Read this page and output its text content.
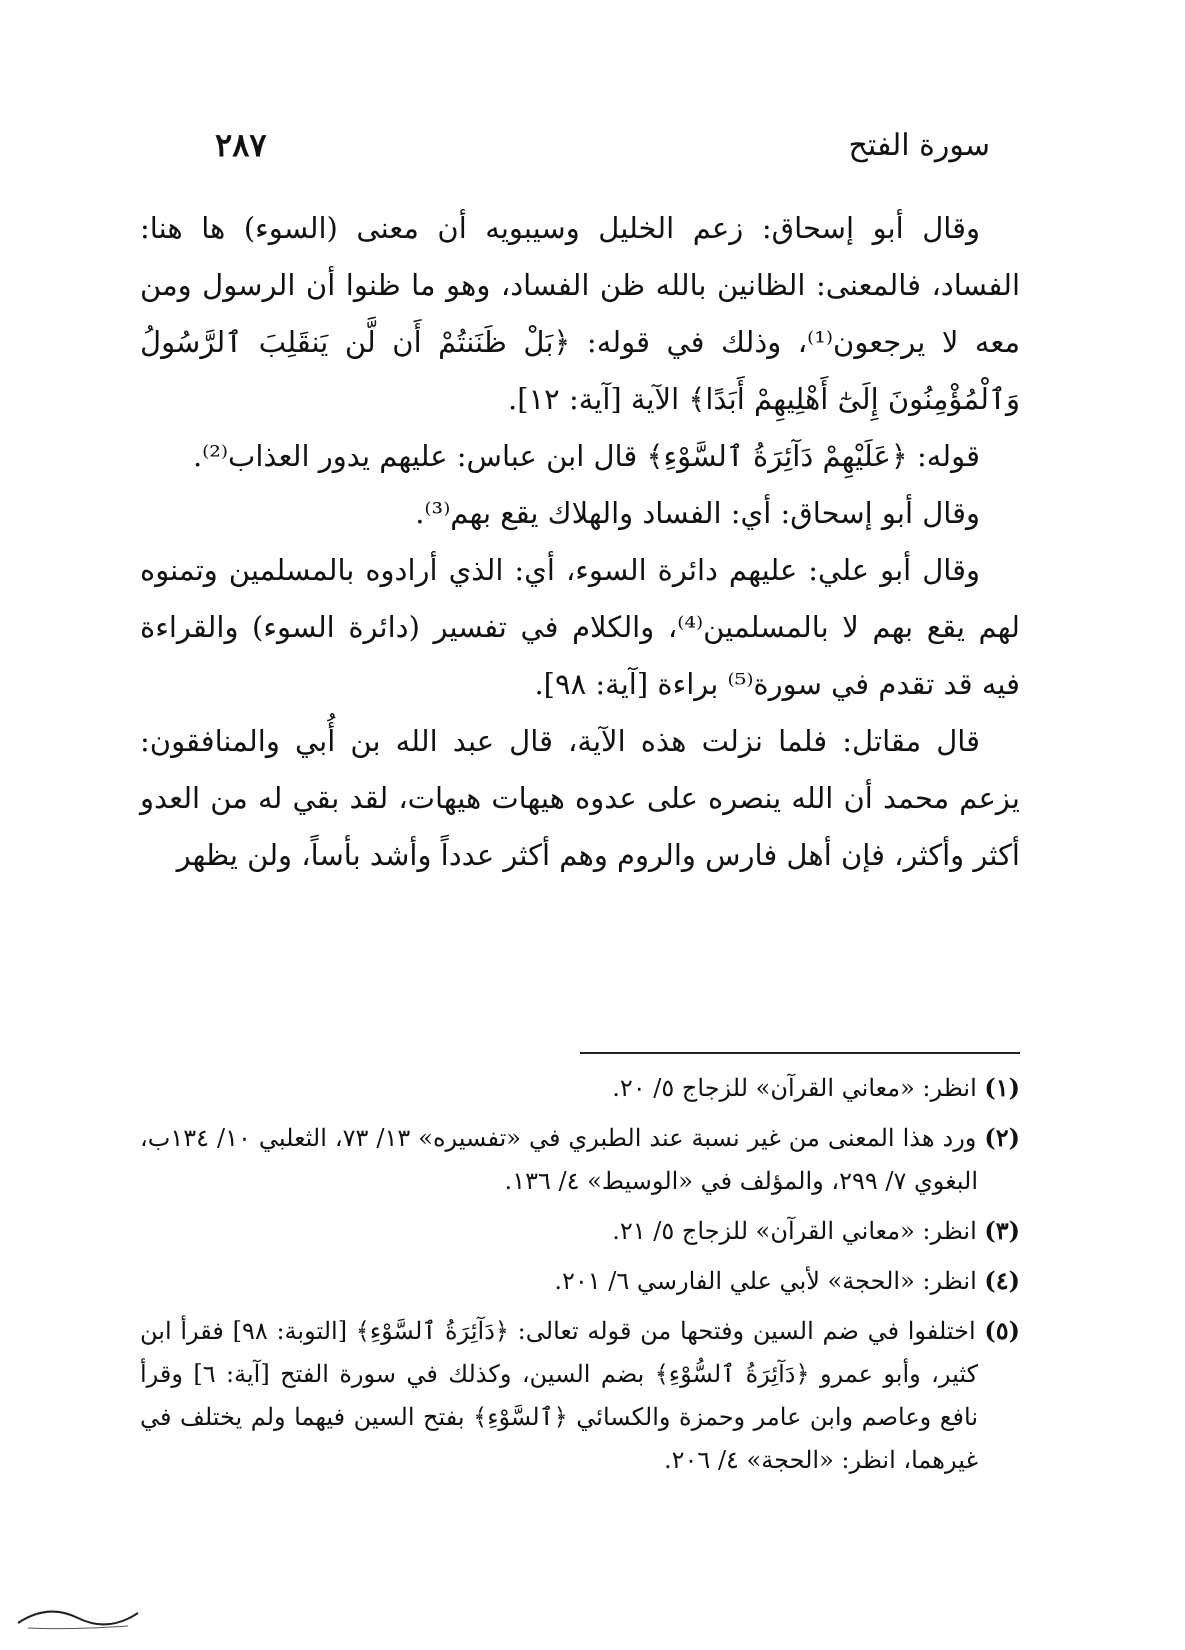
سورة الفتح
٢٨٧

وقال أبو إسحاق: زعم الخليل وسيبويه أن معنى (السوء) ها هنا: الفساد، فالمعنى: الظانين بالله ظن الفساد، وهو ما ظنوا أن الرسول ومن معه لا يرجعون⁽¹⁾، وذلك في قوله: ﴿بَلْ ظَنَنتُمْ أَن لَّن يَنقَلِبَ ٱلرَّسُولُ وَٱلْمُؤْمِنُونَ إِلَىٰٓ أَهْلِيهِمْ أَبَدًا﴾ الآية [آية: ١٢].

قوله: ﴿عَلَيْهِمْ دَآئِرَةُ ٱلسَّوْءِ﴾ قال ابن عباس: عليهم يدور العذاب⁽²⁾.

وقال أبو إسحاق: أي: الفساد والهلاك يقع بهم⁽³⁾.

وقال أبو علي: عليهم دائرة السوء، أي: الذي أرادوه بالمسلمين وتمنوه لهم يقع بهم لا بالمسلمين⁽⁴⁾، والكلام في تفسير (دائرة السوء) والقراءة فيه قد تقدم في سورة⁽⁵⁾ براءة [آية: ٩٨].

قال مقاتل: فلما نزلت هذه الآية، قال عبد الله بن أُبي والمنافقون: يزعم محمد أن الله ينصره على عدوه هيهات هيهات، لقد بقي له من العدو أكثر وأكثر، فإن أهل فارس والروم وهم أكثر عدداً وأشد بأساً، ولن يظهر

(١) انظر: «معاني القرآن» للزجاج ٥/ ٢٠.

(٢) ورد هذا المعنى من غير نسبة عند الطبري في «تفسيره» ١٣/ ٧٣، الثعلبي ١٠/ ١٣٤ب، البغوي ٧/ ٢٩٩، والمؤلف في «الوسيط» ٤/ ١٣٦.

(٣) انظر: «معاني القرآن» للزجاج ٥/ ٢١.

(٤) انظر: «الحجة» لأبي علي الفارسي ٦/ ٢٠١.

(٥) اختلفوا في ضم السين وفتحها من قوله تعالى: ﴿دَآئِرَةُ ٱلسَّوْءِ﴾ [التوبة: ٩٨] فقرأ ابن كثير، وأبو عمرو ﴿دَآئِرَةُ ٱلسُّوْءِ﴾ بضم السين، وكذلك في سورة الفتح [آية: ٦] وقرأ نافع وعاصم وابن عامر وحمزة والكسائي ﴿ٱلسَّوْءِ﴾ بفتح السين فيهما ولم يختلف في غيرهما، انظر: «الحجة» ٤/ ٢٠٦.
